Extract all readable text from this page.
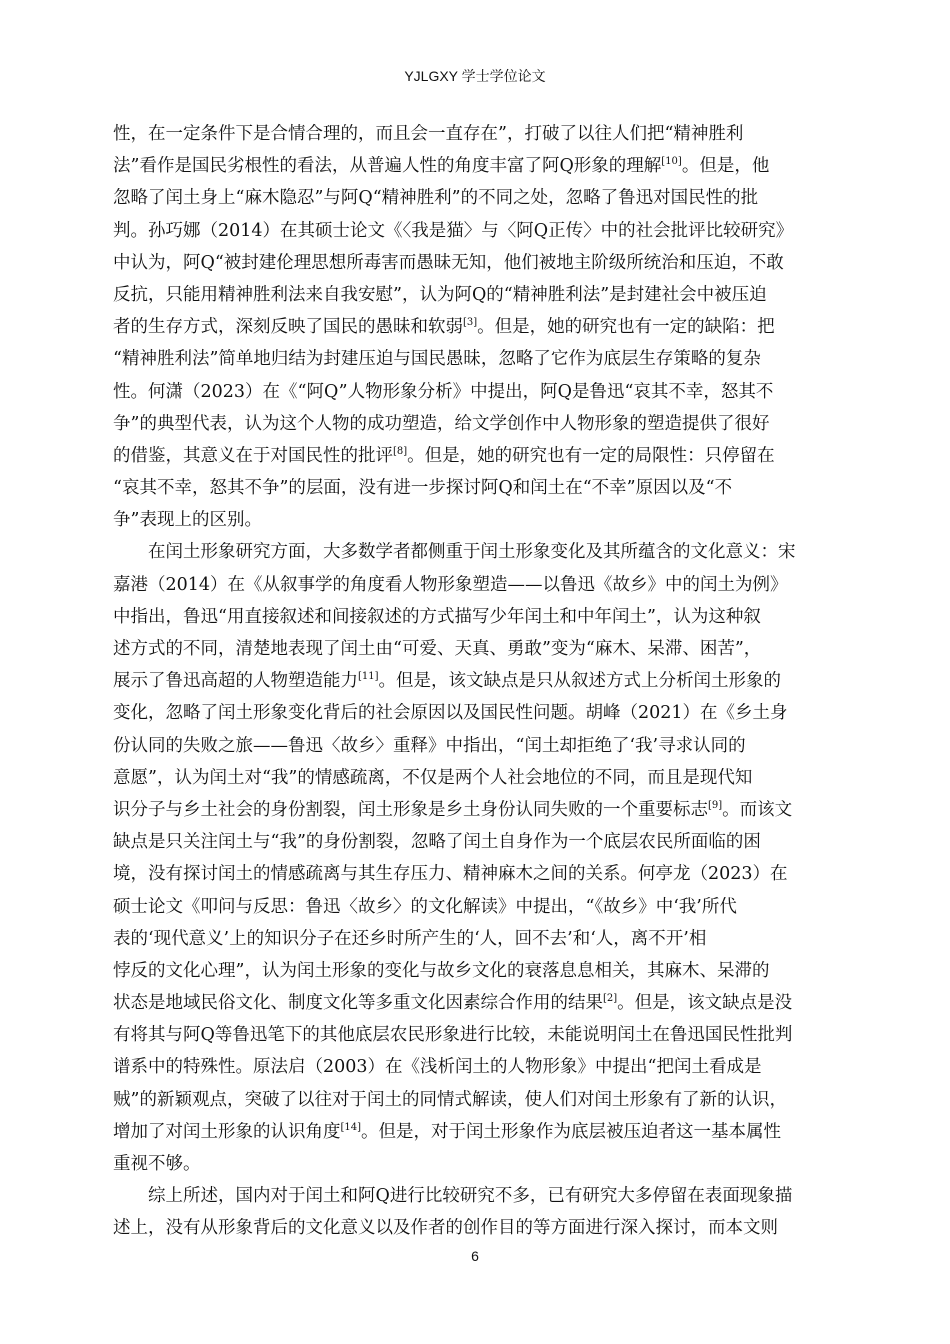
YJLGXY 学士学位论文
性，在一定条件下是合情合理的，而且会一直存在”，打破了以往人们把“精神胜利
法”看作是国民劣根性的看法，从普遍人性的角度丰富了阿Q形象的理解[10]。但是，他
忽略了闰土身上“麻木隐忍”与阿Q“精神胜利”的不同之处，忽略了鲁迅对国民性的批
判。孙巧娜（2014）在其硕士论文《〈我是猫〉与〈阿Q正传〉中的社会批评比较研究》
中认为，阿Q“被封建伦理思想所毒害而愚昧无知，他们被地主阶级所统治和压迫，不敢
反抗，只能用精神胜利法来自我安慰”，认为阿Q的“精神胜利法”是封建社会中被压迫
者的生存方式，深刻反映了国民的愚昧和软弱[3]。但是，她的研究也有一定的缺陷：把
“精神胜利法”简单地归结为封建压迫与国民愚昧，忽略了它作为底层生存策略的复杂
性。何潇（2023）在《“阿Q”人物形象分析》中提出，阿Q是鲁迅“哀其不幸，怒其不
争”的典型代表，认为这个人物的成功塑造，给文学创作中人物形象的塑造提供了很好
的借鉴，其意义在于对国民性的批评[8]。但是，她的研究也有一定的局限性：只停留在
“哀其不幸，怒其不争”的层面，没有进一步探讨阿Q和闰土在“不幸”原因以及“不
争”表现上的区别。
在闰土形象研究方面，大多数学者都侧重于闰土形象变化及其所蕴含的文化意义：宋
嘉港（2014）在《从叙事学的角度看人物形象塑造——以鲁迅《故乡》中的闰土为例》
中指出，鲁迅“用直接叙述和间接叙述的方式描写少年闰土和中年闰土”，认为这种叙
述方式的不同，清楚地表现了闰土由“可爱、天真、勇敢”变为“麻木、呆滞、困苦”，
展示了鲁迅高超的人物塑造能力[11]。但是，该文缺点是只从叙述方式上分析闰土形象的
变化，忽略了闰土形象变化背后的社会原因以及国民性问题。胡峰（2021）在《乡土身
份认同的失败之旅——鲁迅〈故乡〉重释》中指出，“闰土却拒绝了‘我’寻求认同的
意愿”，认为闰土对“我”的情感疏离，不仅是两个人社会地位的不同，而且是现代知
识分子与乡土社会的身份割裂，闰土形象是乡土身份认同失败的一个重要标志[9]。而该文
缺点是只关注闰土与“我”的身份割裂，忽略了闰土自身作为一个底层农民所面临的困
境，没有探讨闰土的情感疏离与其生存压力、精神麻木之间的关系。何亭龙（2023）在
硕士论文《叩问与反思：鲁迅〈故乡〉的文化解读》中提出，“《故乡》中‘我’所代
表的‘现代意义’上的知识分子在还乡时所产生的‘人，回不去’和‘人，离不开’相
悖反的文化心理”，认为闰土形象的变化与故乡文化的衰落息息相关，其麻木、呆滞的
状态是地域民俗文化、制度文化等多重文化因素综合作用的结果[2]。但是，该文缺点是没
有将其与阿Q等鲁迅笔下的其他底层农民形象进行比较，未能说明闰土在鲁迅国民性批判
谱系中的特殊性。原法启（2003）在《浅析闰土的人物形象》中提出“把闰土看成是
贼”的新颖观点，突破了以往对于闰土的同情式解读，使人们对闰土形象有了新的认识，
增加了对闰土形象的认识角度[14]。但是，对于闰土形象作为底层被压迫者这一基本属性
重视不够。
综上所述，国内对于闰土和阿Q进行比较研究不多，已有研究大多停留在表面现象描
述上，没有从形象背后的文化意义以及作者的创作目的等方面进行深入探讨，而本文则
6
